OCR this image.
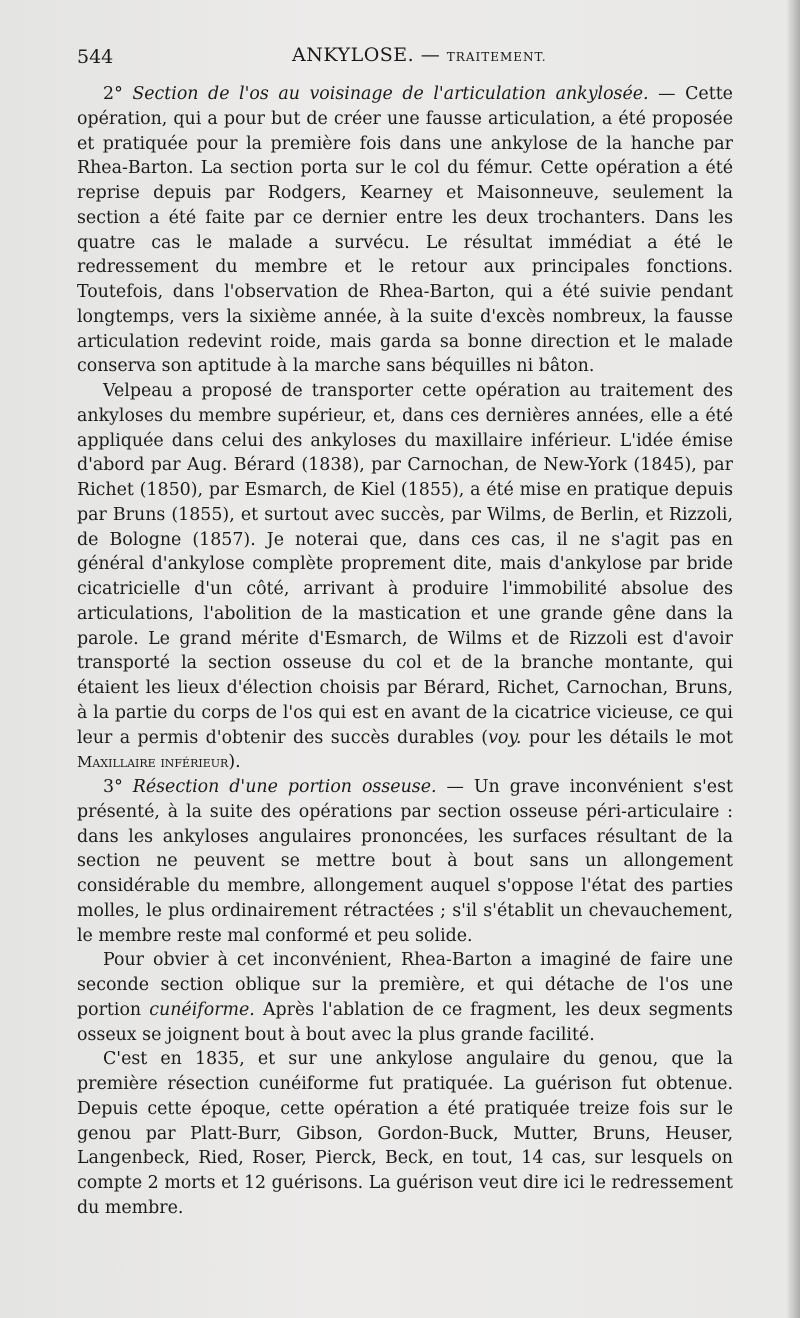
544	ANKYLOSE. — TRAITEMENT.

2° Section de l'os au voisinage de l'articulation ankylosée. — Cette opération, qui a pour but de créer une fausse articulation, a été proposée et pratiquée pour la première fois dans une ankylose de la hanche par Rhea-Barton. La section porta sur le col du fémur. Cette opération a été reprise depuis par Rodgers, Kearney et Maisonneuve, seulement la section a été faite par ce dernier entre les deux trochanters. Dans les quatre cas le malade a survécu. Le résultat immédiat a été le redressement du membre et le retour aux principales fonctions. Toutefois, dans l'observation de Rhea-Barton, qui a été suivie pendant longtemps, vers la sixième année, à la suite d'excès nombreux, la fausse articulation redevint roide, mais garda sa bonne direction et le malade conserva son aptitude à la marche sans béquilles ni bâton.

Velpeau a proposé de transporter cette opération au traitement des ankyloses du membre supérieur, et, dans ces dernières années, elle a été appliquée dans celui des ankyloses du maxillaire inférieur. L'idée émise d'abord par Aug. Bérard (1838), par Carnochan, de New-York (1845), par Richet (1850), par Esmarch, de Kiel (1855), a été mise en pratique depuis par Bruns (1855), et surtout avec succès, par Wilms, de Berlin, et Rizzoli, de Bologne (1857). Je noterai que, dans ces cas, il ne s'agit pas en général d'ankylose complète proprement dite, mais d'ankylose par bride cicatricielle d'un côté, arrivant à produire l'immobilité absolue des articulations, l'abolition de la mastication et une grande gêne dans la parole. Le grand mérite d'Esmarch, de Wilms et de Rizzoli est d'avoir transporté la section osseuse du col et de la branche montante, qui étaient les lieux d'élection choisis par Bérard, Richet, Carnochan, Bruns, à la partie du corps de l'os qui est en avant de la cicatrice vicieuse, ce qui leur a permis d'obtenir des succès durables (voy. pour les détails le mot Maxillaire inférieur).

3° Résection d'une portion osseuse. — Un grave inconvénient s'est présenté, à la suite des opérations par section osseuse péri-articulaire : dans les ankyloses angulaires prononcées, les surfaces résultant de la section ne peuvent se mettre bout à bout sans un allongement considérable du membre, allongement auquel s'oppose l'état des parties molles, le plus ordinairement rétractées ; s'il s'établit un chevauchement, le membre reste mal conformé et peu solide.

Pour obvier à cet inconvénient, Rhea-Barton a imaginé de faire une seconde section oblique sur la première, et qui détache de l'os une portion cunéiforme. Après l'ablation de ce fragment, les deux segments osseux se joignent bout à bout avec la plus grande facilité.

C'est en 1835, et sur une ankylose angulaire du genou, que la première résection cunéiforme fut pratiquée. La guérison fut obtenue. Depuis cette époque, cette opération a été pratiquée treize fois sur le genou par Platt-Burr, Gibson, Gordon-Buck, Mutter, Bruns, Heuser, Langenbeck, Ried, Roser, Pierck, Beck, en tout, 14 cas, sur lesquels on compte 2 morts et 12 guérisons. La guérison veut dire ici le redressement du membre.
